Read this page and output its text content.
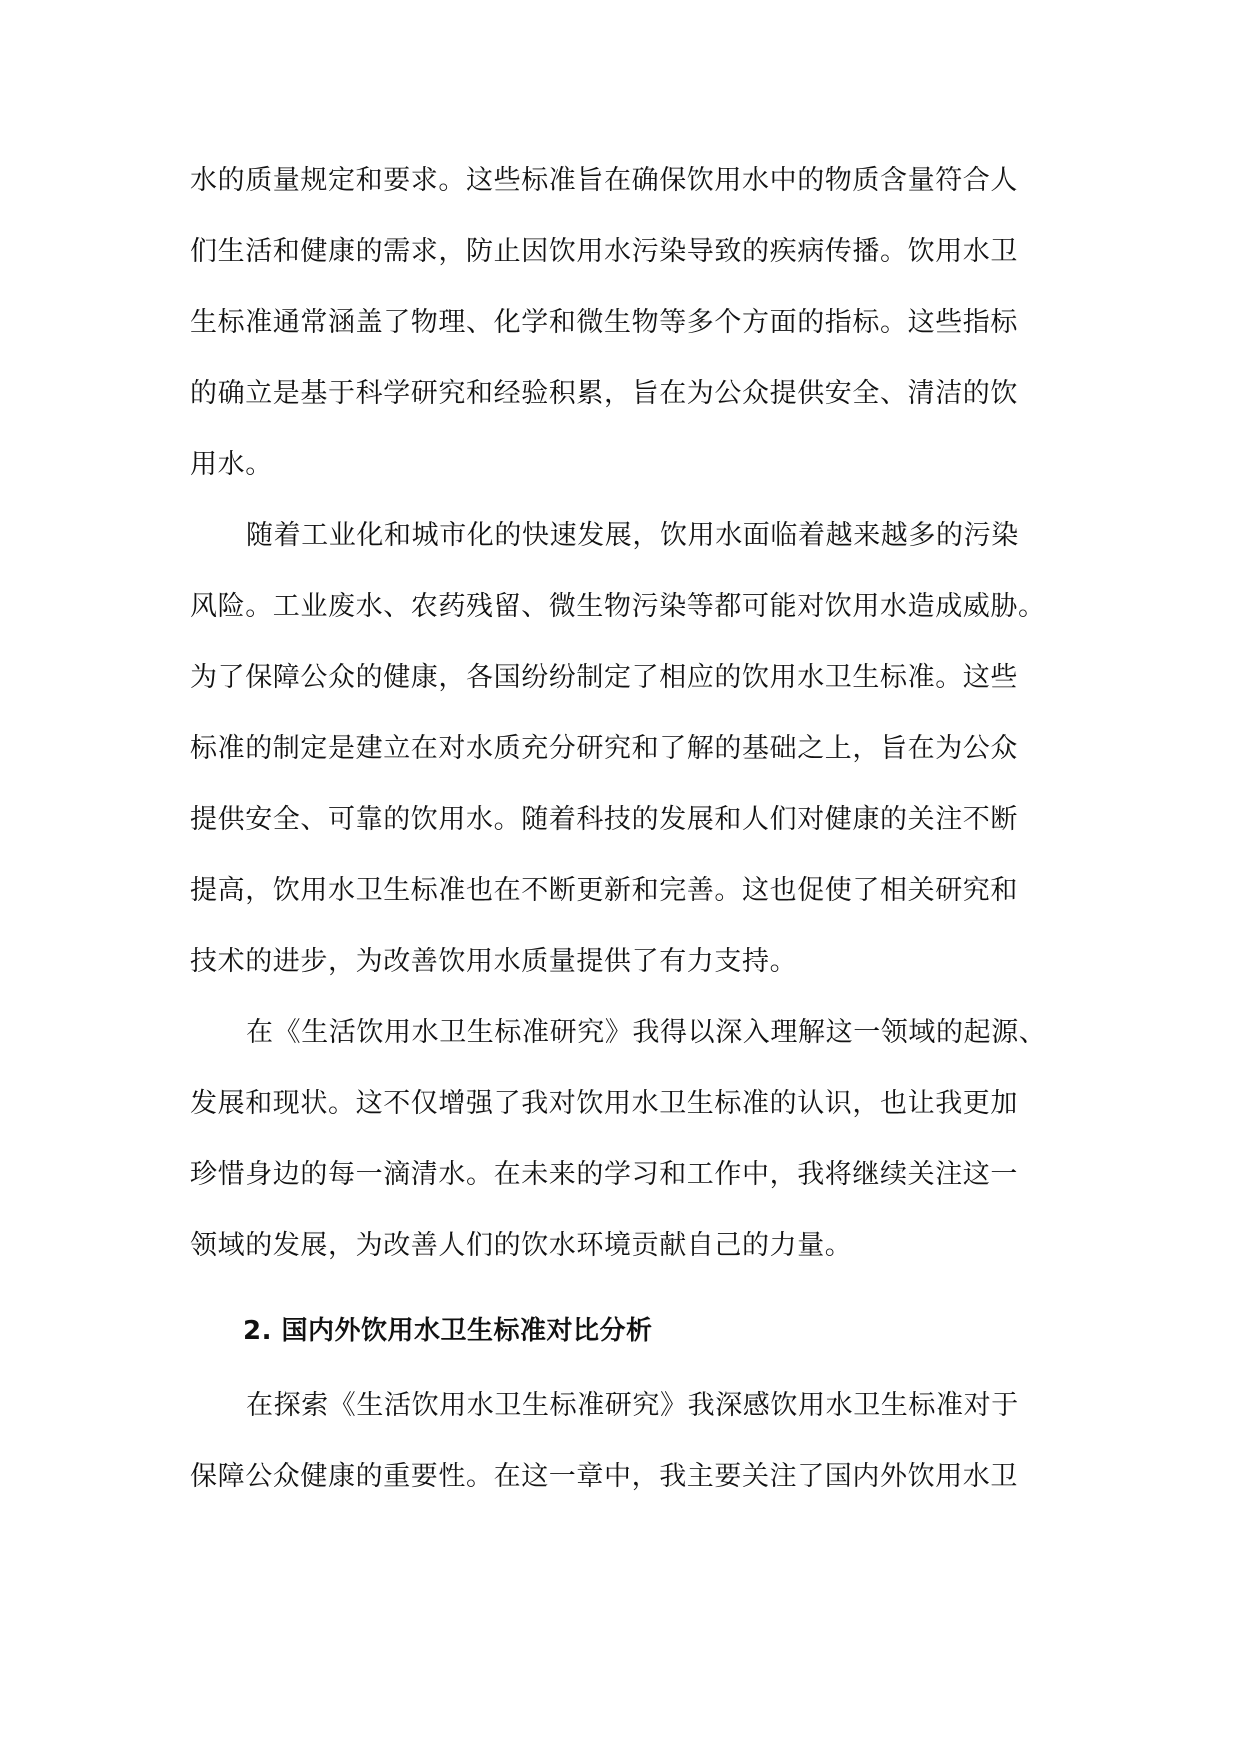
水的质量规定和要求。这些标准旨在确保饮用水中的物质含量符合人
们生活和健康的需求，防止因饮用水污染导致的疾病传播。饮用水卫
生标准通常涵盖了物理、化学和微生物等多个方面的指标。这些指标
的确立是基于科学研究和经验积累，旨在为公众提供安全、清洁的饮
用水。
随着工业化和城市化的快速发展，饮用水面临着越来越多的污染
风险。工业废水、农药残留、微生物污染等都可能对饮用水造成威胁。
为了保障公众的健康，各国纷纷制定了相应的饮用水卫生标准。这些
标准的制定是建立在对水质充分研究和了解的基础之上，旨在为公众
提供安全、可靠的饮用水。随着科技的发展和人们对健康的关注不断
提高，饮用水卫生标准也在不断更新和完善。这也促使了相关研究和
技术的进步，为改善饮用水质量提供了有力支持。
在《生活饮用水卫生标准研究》我得以深入理解这一领域的起源、
发展和现状。这不仅增强了我对饮用水卫生标准的认识，也让我更加
珍惜身边的每一滴清水。在未来的学习和工作中，我将继续关注这一
领域的发展，为改善人们的饮水环境贡献自己的力量。
2. 国内外饮用水卫生标准对比分析
在探索《生活饮用水卫生标准研究》我深感饮用水卫生标准对于
保障公众健康的重要性。在这一章中，我主要关注了国内外饮用水卫
